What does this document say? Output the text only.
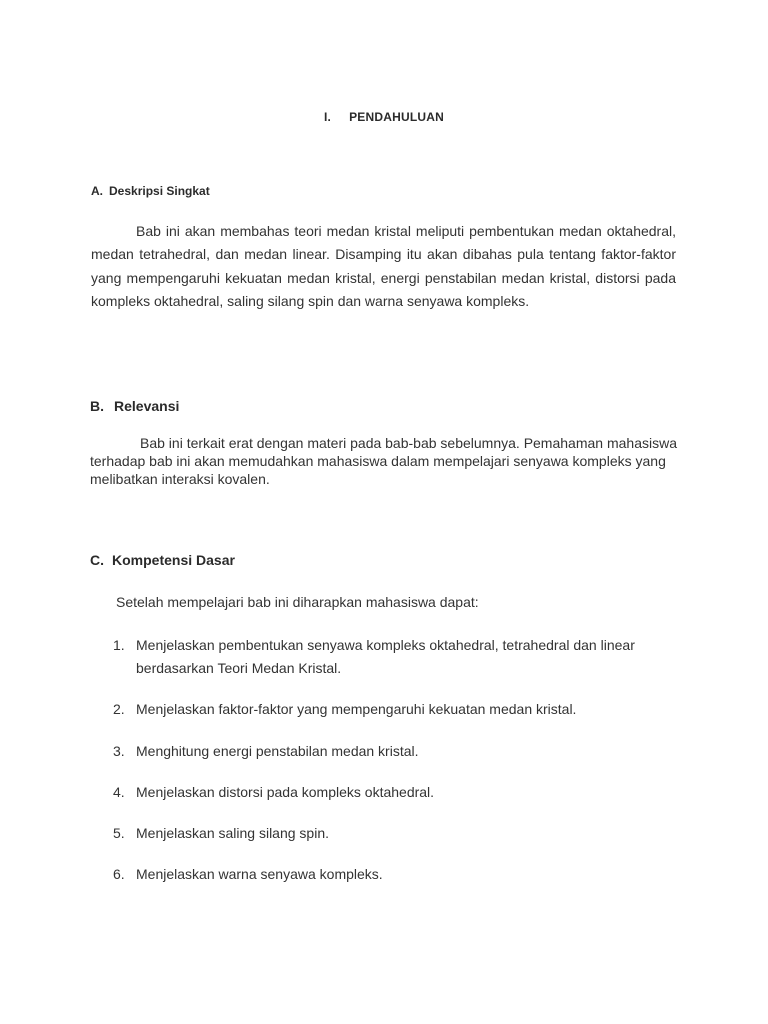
I. PENDAHULUAN
A. Deskripsi Singkat

Bab ini akan membahas teori medan kristal meliputi pembentukan medan oktahedral, medan tetrahedral, dan medan linear. Disamping itu akan dibahas pula tentang faktor-faktor yang mempengaruhi kekuatan medan kristal, energi penstabilan medan kristal, distorsi pada kompleks oktahedral, saling silang spin dan warna senyawa kompleks.

B. Relevansi

Bab ini terkait erat dengan materi pada bab-bab sebelumnya. Pemahaman mahasiswa terhadap bab ini akan memudahkan mahasiswa dalam mempelajari senyawa kompleks yang melibatkan interaksi kovalen.

C. Kompetensi Dasar
Setelah mempelajari bab ini diharapkan mahasiswa dapat:
1. Menjelaskan pembentukan senyawa kompleks oktahedral, tetrahedral dan linear berdasarkan Teori Medan Kristal.
2. Menjelaskan faktor-faktor yang mempengaruhi kekuatan medan kristal.
3. Menghitung energi penstabilan medan kristal.
4. Menjelaskan distorsi pada kompleks oktahedral.
5. Menjelaskan saling silang spin.
6. Menjelaskan warna senyawa kompleks.
